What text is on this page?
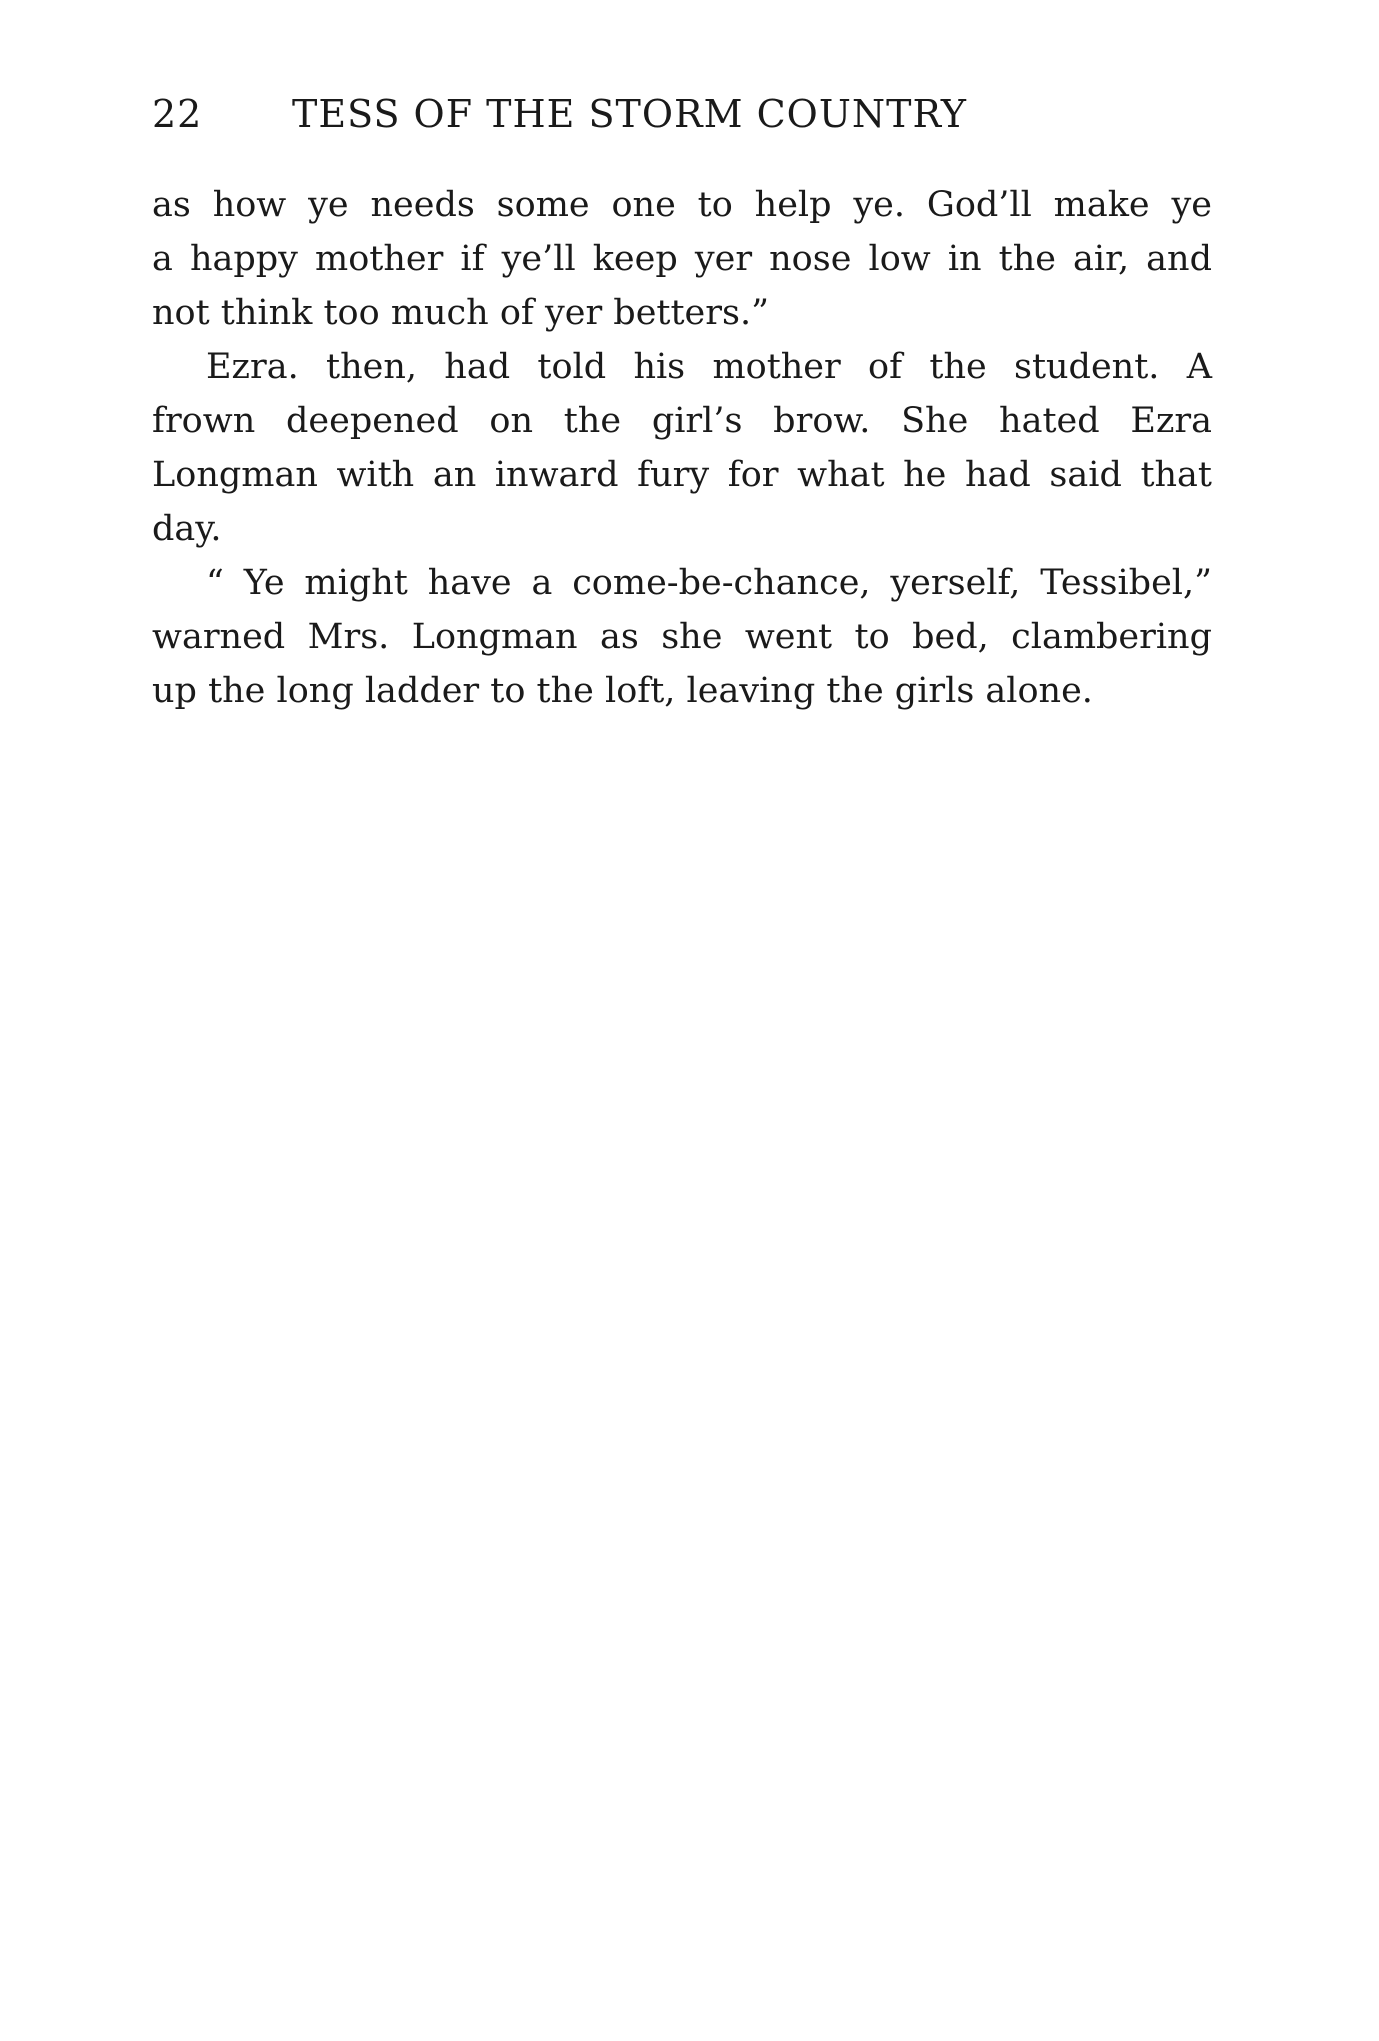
22	TESS OF THE STORM COUNTRY
as how ye needs some one to help ye. God’ll make ye
a happy mother if ye’ll keep yer nose low in the air, and
not think too much of yer betters.”
Ezra. then, had told his mother of the student. A
frown deepened on the girl’s brow. She hated Ezra
Longman with an inward fury for what he had said that
day.
“ Ye might have a come-be-chance, yerself, Tessibel,”
warned Mrs. Longman as she went to bed, clambering
up the long ladder to the loft, leaving the girls alone.
